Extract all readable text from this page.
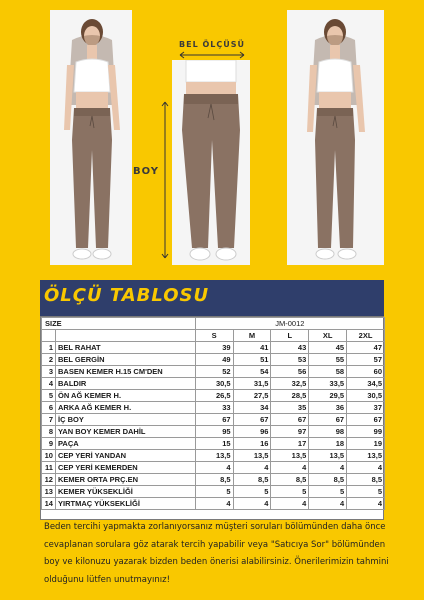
BEL ÖLÇÜSÜ
BOY
ÖLÇÜ TABLOSU
SIZE		JM-0012				
		S	M	L	XL	2XL
1	BEL RAHAT	39	41	43	45	47
2	BEL GERGİN	49	51	53	55	57
3	BASEN KEMER H.15 CM'DEN	52	54	56	58	60
4	BALDIR	30,5	31,5	32,5	33,5	34,5
5	ÖN AĞ KEMER H.	26,5	27,5	28,5	29,5	30,5
6	ARKA AĞ KEMER H.	33	34	35	36	37
7	İÇ BOY	67	67	67	67	67
8	YAN BOY KEMER DAHİL	95	96	97	98	99
9	PAÇA	15	16	17	18	19
10	CEP YERİ YANDAN	13,5	13,5	13,5	13,5	13,5
11	CEP YERİ KEMERDEN	4	4	4	4	4
12	KEMER ORTA PRÇ.EN	8,5	8,5	8,5	8,5	8,5
13	KEMER YÜKSEKLİĞİ	5	5	5	5	5
14	YIRTMAÇ YÜKSEKLİĞİ	4	4	4	4	4
Beden tercihi yapmakta zorlanıyorsanız müşteri soruları bölümünden daha önce
cevaplanan sorulara göz atarak tercih yapabilir veya "Satıcıya Sor" bölümünden
boy ve kilonuzu yazarak bizden beden önerisi alabilirsiniz. Önerilerimizin tahmini
olduğunu lütfen unutmayınız!
